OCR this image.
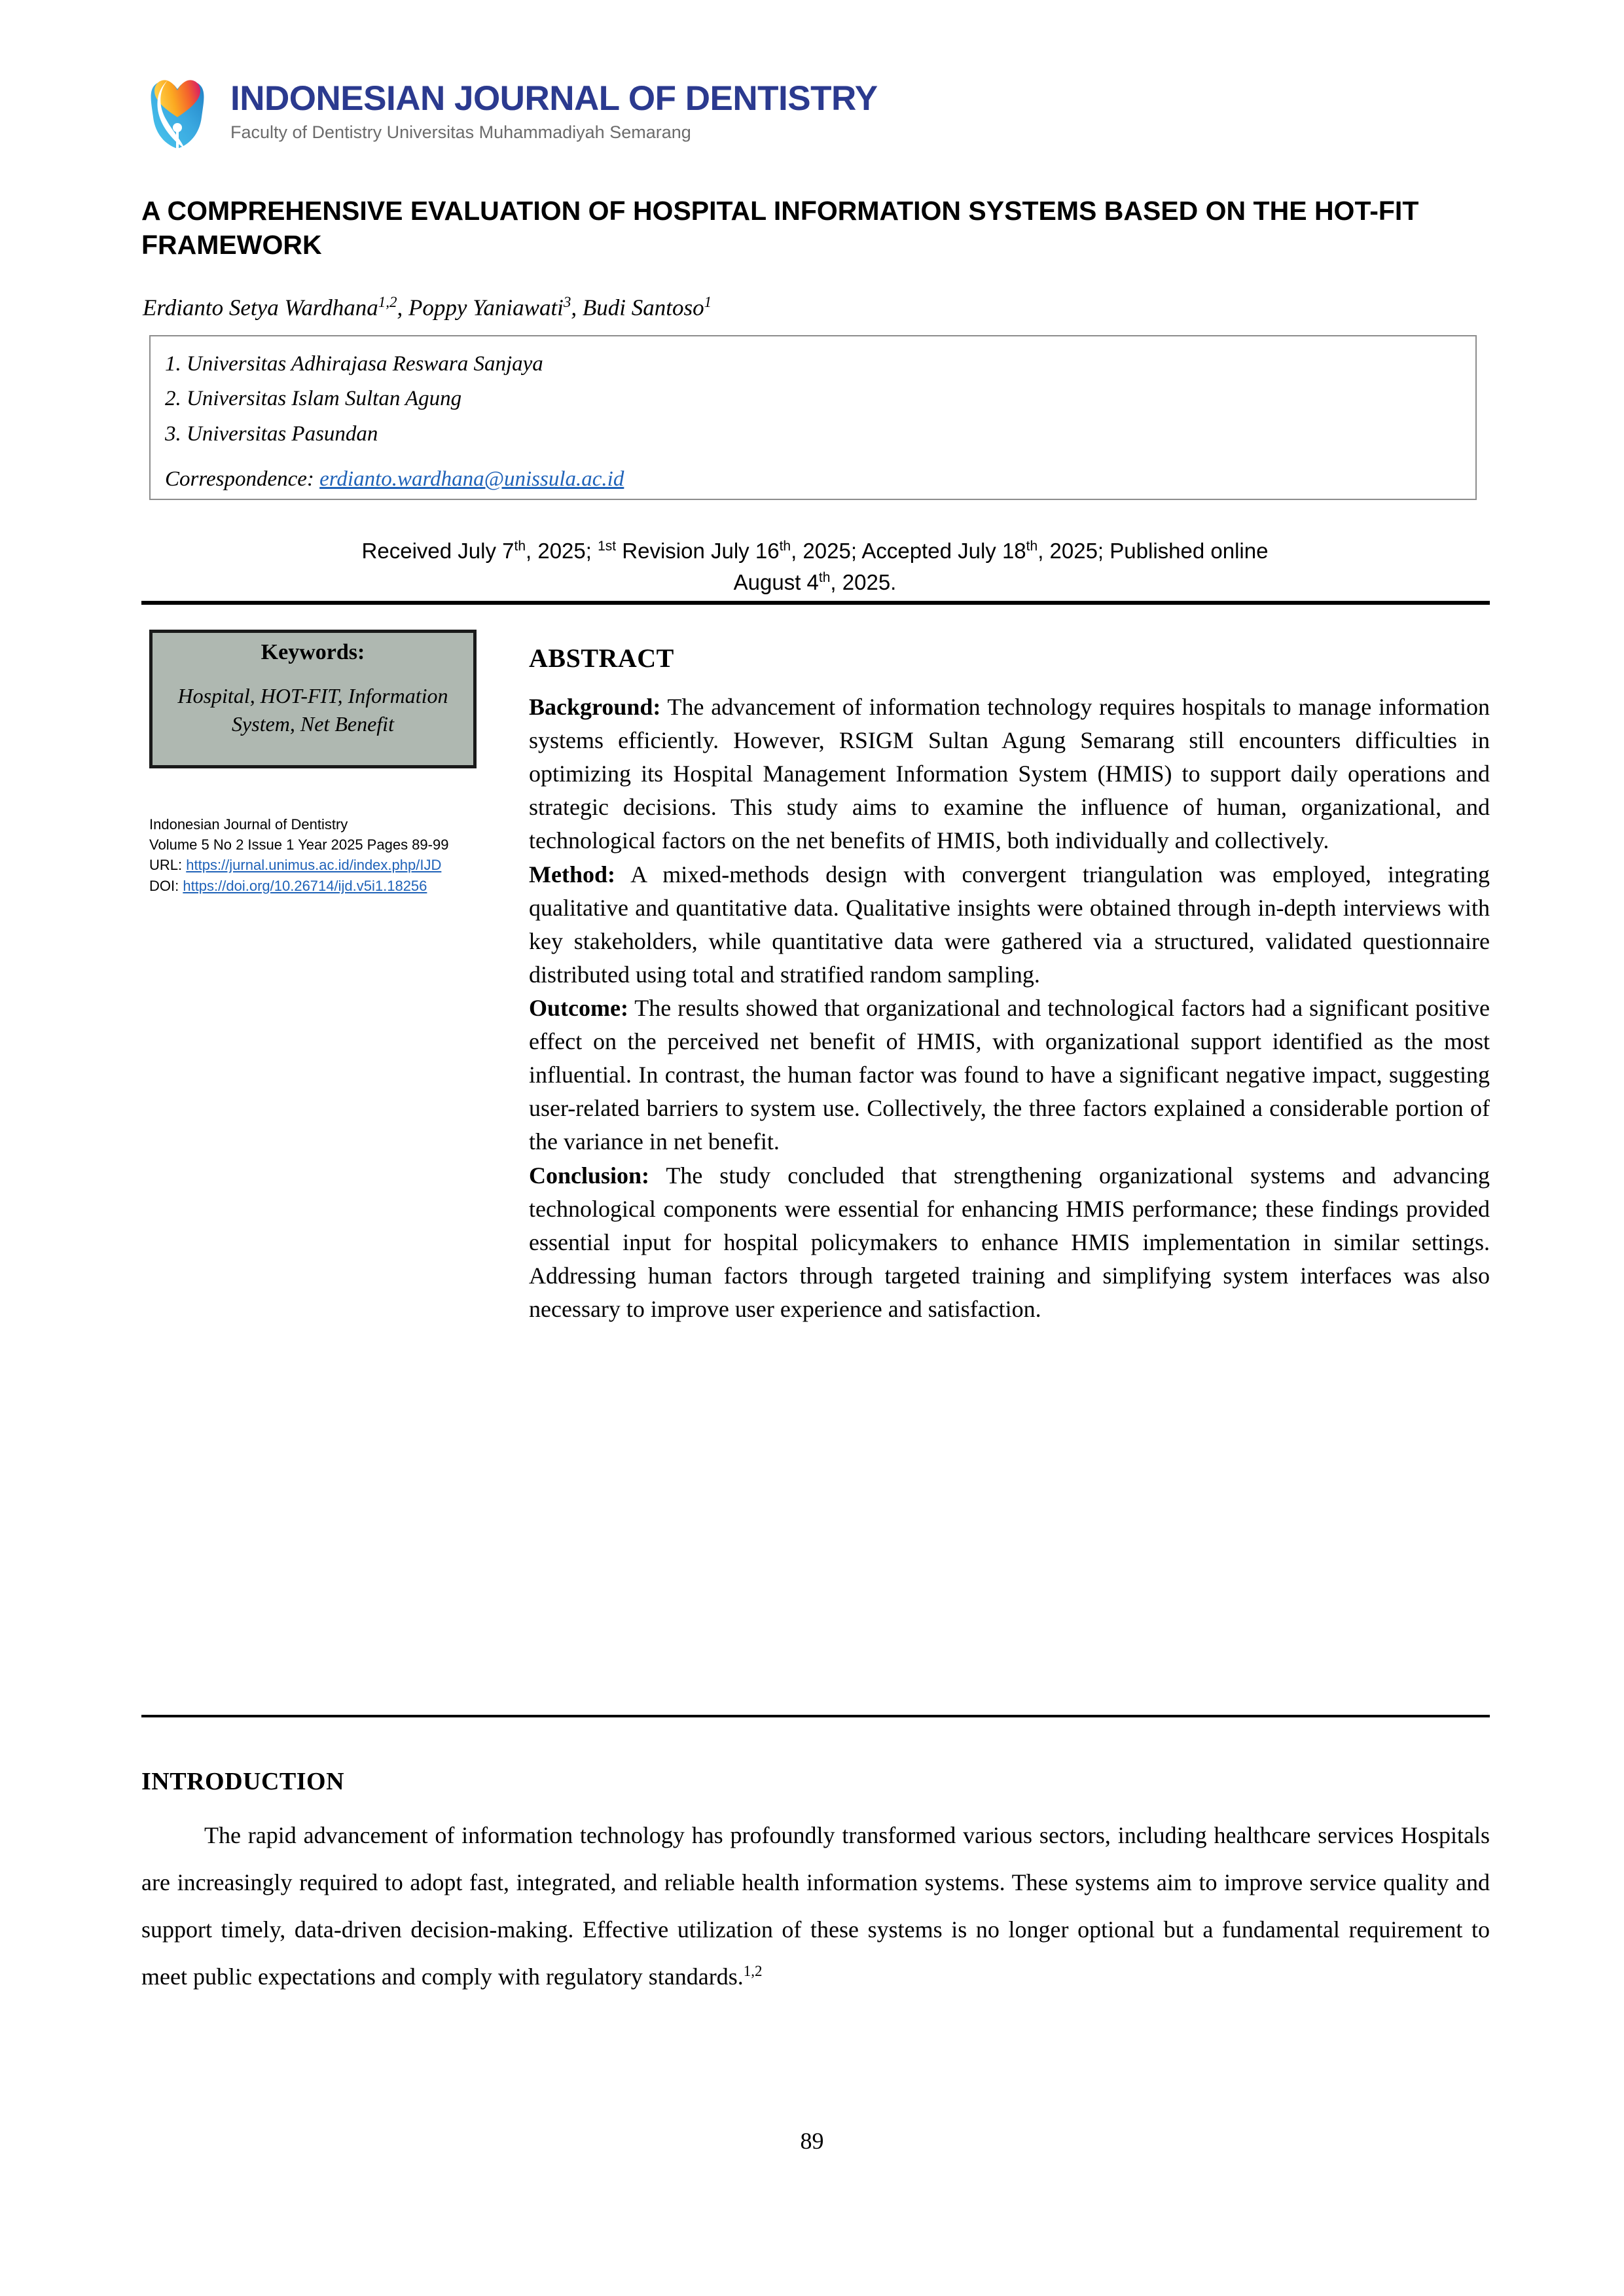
INDONESIAN JOURNAL OF DENTISTRY
Faculty of Dentistry Universitas Muhammadiyah Semarang
A COMPREHENSIVE EVALUATION OF HOSPITAL INFORMATION SYSTEMS BASED ON THE HOT-FIT FRAMEWORK
Erdianto Setya Wardhana$^{1,2}$, Poppy Yaniawati$^3$, Budi Santoso$^1$
1. Universitas Adhirajasa Reswara Sanjaya
2. Universitas Islam Sultan Agung
3. Universitas Pasundan
Correspondence: erdianto.wardhana@unissula.ac.id
Received July 7th, 2025; $^{1st}$ Revision July 16th, 2025; Accepted July 18th, 2025; Published online
August 4th, 2025.
Keywords:
Hospital, HOT-FIT, Information System, Net Benefit
Indonesian Journal of Dentistry
Volume 5 No 2 Issue 1 Year 2025 Pages 89-99
URL: https://jurnal.unimus.ac.id/index.php/IJD
DOI: https://doi.org/10.26714/ijd.v5i1.18256
ABSTRACT

Background: The advancement of information technology requires hospitals to manage information systems efficiently. However, RSIGM Sultan Agung Semarang still encounters difficulties in optimizing its Hospital Management Information System (HMIS) to support daily operations and strategic decisions. This study aims to examine the influence of human, organizational, and technological factors on the net benefits of HMIS, both individually and collectively.

Method: A mixed-methods design with convergent triangulation was employed, integrating qualitative and quantitative data. Qualitative insights were obtained through in-depth interviews with key stakeholders, while quantitative data were gathered via a structured, validated questionnaire distributed using total and stratified random sampling.

Outcome: The results showed that organizational and technological factors had a significant positive effect on the perceived net benefit of HMIS, with organizational support identified as the most influential. In contrast, the human factor was found to have a significant negative impact, suggesting user-related barriers to system use. Collectively, the three factors explained a considerable portion of the variance in net benefit.

Conclusion: The study concluded that strengthening organizational systems and advancing technological components were essential for enhancing HMIS performance; these findings provided essential input for hospital policymakers to enhance HMIS implementation in similar settings. Addressing human factors through targeted training and simplifying system interfaces was also necessary to improve user experience and satisfaction.

INTRODUCTION
The rapid advancement of information technology has profoundly transformed various sectors, including healthcare services Hospitals are increasingly required to adopt fast, integrated, and reliable health information systems. These systems aim to improve service quality and support timely, data-driven decision-making. Effective utilization of these systems is no longer optional but a fundamental requirement to meet public expectations and comply with regulatory standards.$^{1,2}$
89
